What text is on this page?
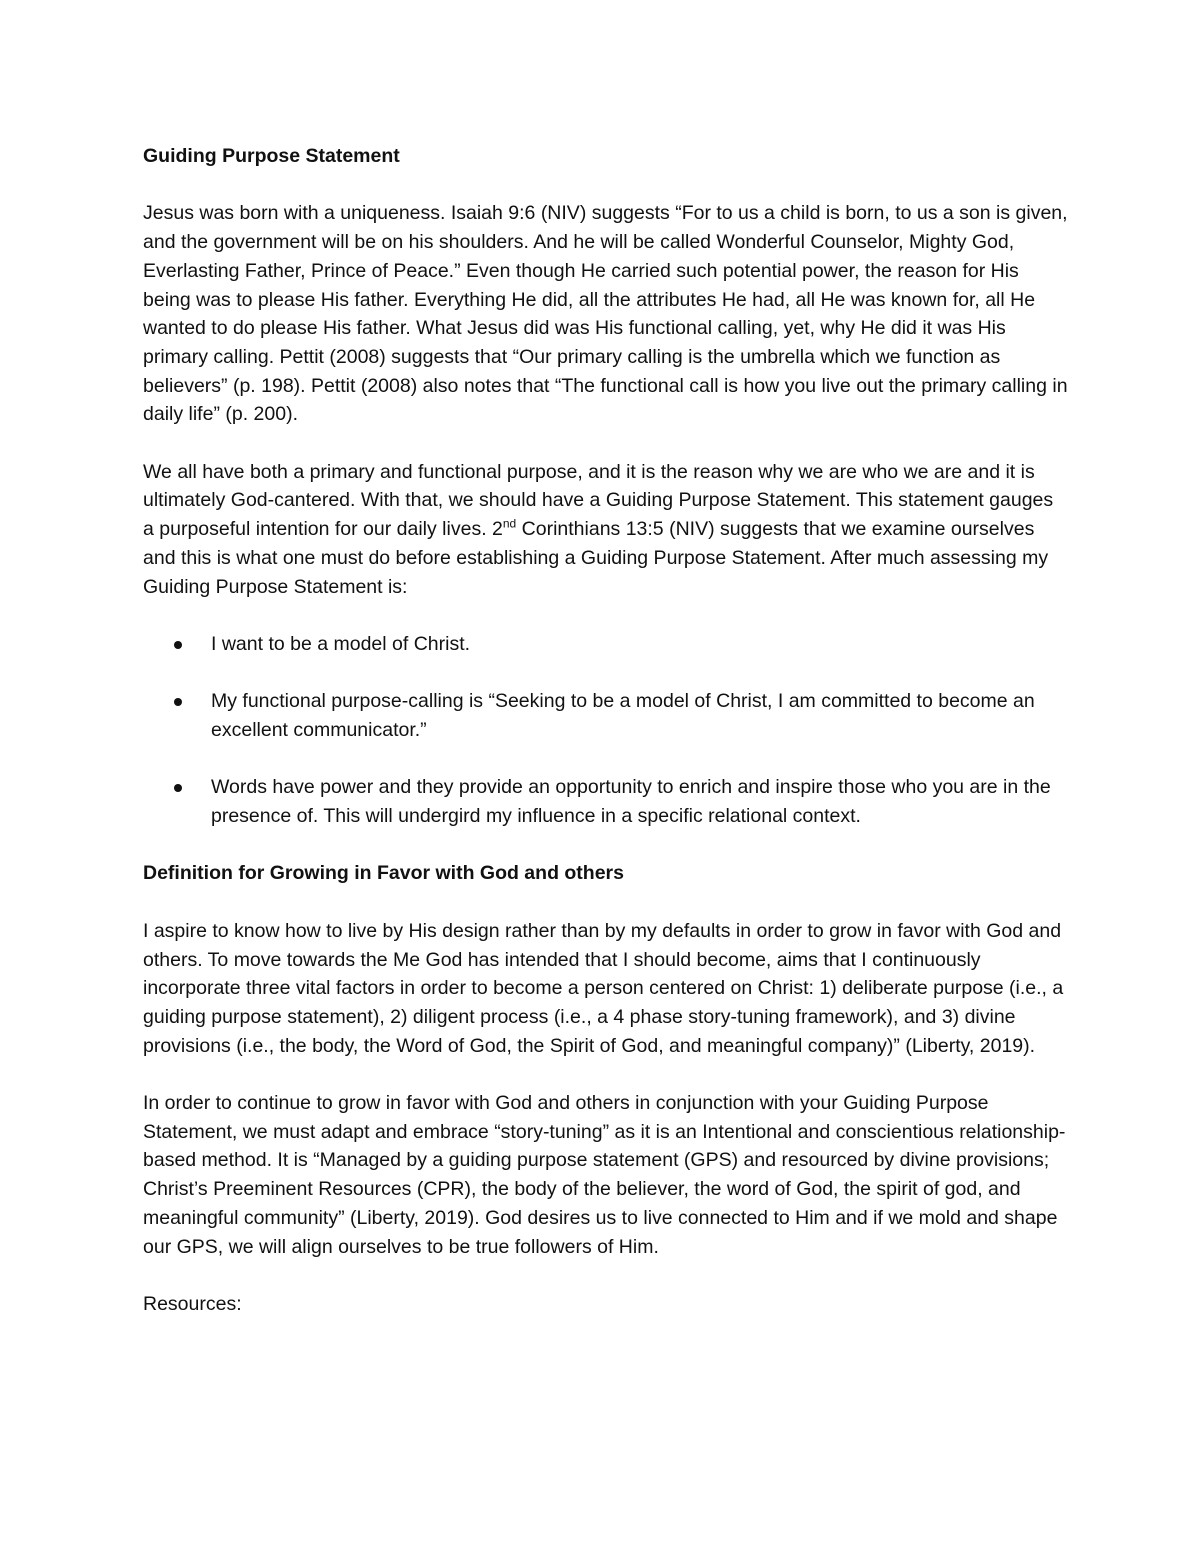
Guiding Purpose Statement

Jesus was born with a uniqueness. Isaiah 9:6 (NIV) suggests “For to us a child is born, to us a son is given, and the government will be on his shoulders. And he will be called Wonderful Counselor, Mighty God, Everlasting Father, Prince of Peace.” Even though He carried such potential power, the reason for His being was to please His father. Everything He did, all the attributes He had, all He was known for, all He wanted to do please His father. What Jesus did was His functional calling, yet, why He did it was His primary calling. Pettit (2008) suggests that “Our primary calling is the umbrella which we function as believers” (p. 198). Pettit (2008) also notes that “The functional call is how you live out the primary calling in daily life” (p. 200).

We all have both a primary and functional purpose, and it is the reason why we are who we are and it is ultimately God-cantered. With that, we should have a Guiding Purpose Statement. This statement gauges a purposeful intention for our daily lives. 2nd Corinthians 13:5 (NIV) suggests that we examine ourselves and this is what one must do before establishing a Guiding Purpose Statement. After much assessing my Guiding Purpose Statement is:

I want to be a model of Christ.
My functional purpose-calling is “Seeking to be a model of Christ, I am committed to become an excellent communicator.”
Words have power and they provide an opportunity to enrich and inspire those who you are in the presence of. This will undergird my influence in a specific relational context.
Definition for Growing in Favor with God and others

I aspire to know how to live by His design rather than by my defaults in order to grow in favor with God and others. To move towards the Me God has intended that I should become, aims that I continuously incorporate three vital factors in order to become a person centered on Christ: 1) deliberate purpose (i.e., a guiding purpose statement), 2) diligent process (i.e., a 4 phase story-tuning framework), and 3) divine provisions (i.e., the body, the Word of God, the Spirit of God, and meaningful company)” (Liberty, 2019).

In order to continue to grow in favor with God and others in conjunction with your Guiding Purpose Statement, we must adapt and embrace “story-tuning” as it is an Intentional and conscientious relationship-based method. It is “Managed by a guiding purpose statement (GPS) and resourced by divine provisions; Christ’s Preeminent Resources (CPR), the body of the believer, the word of God, the spirit of god, and meaningful community” (Liberty, 2019). God desires us to live connected to Him and if we mold and shape our GPS, we will align ourselves to be true followers of Him.

Resources:
